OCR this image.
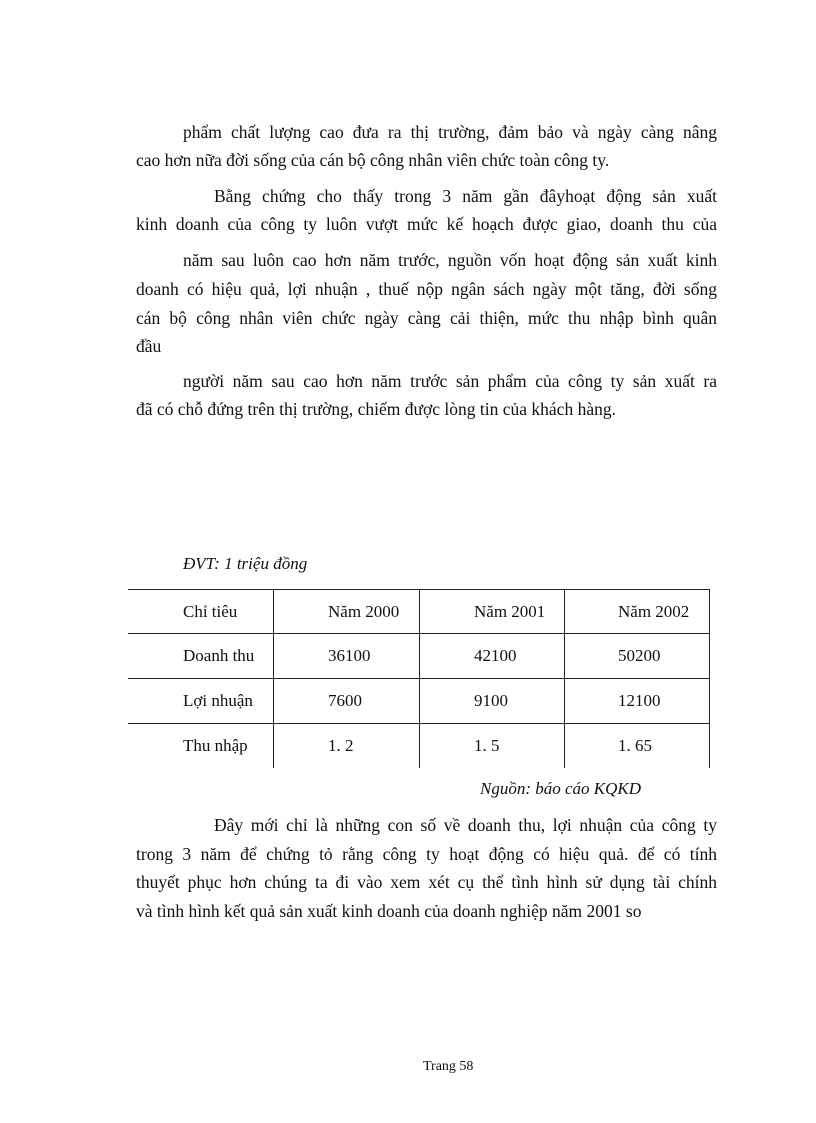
phẩm chất lượng cao đưa ra thị trường, đảm bảo và ngày càng nâng

cao hơn nữa đời sống của cán bộ công nhân viên chức toàn công ty.

Bằng chứng cho thấy trong 3 năm gần đâyhoạt động sản xuất

kinh doanh của công ty luôn vượt mức kế hoạch được giao, doanh thu của

năm sau luôn cao hơn năm trước, nguồn vốn hoạt động sản xuất kinh

doanh có hiệu quả, lợi nhuận , thuế nộp ngân sách ngày một tăng, đời sống

cán bộ công nhân viên chức ngày càng cải thiện, mức thu nhập bình quân

đầu

người năm sau cao hơn năm trước sản phẩm của công ty sản xuất ra

đã có chỗ đứng trên thị trường, chiếm được lòng tin của khách hàng.

ĐVT: 1 triệu đồng

Chỉ tiêu	Năm 2000	Năm 2001	Năm 2002

Doanh thu	36100	42100	50200

Lợi nhuận	7600	9100	12100

Thu nhập	1. 2	1. 5	1. 65

Nguồn: báo cáo KQKD

Đây mới chỉ là những con số về doanh thu, lợi nhuận của công ty

trong 3 năm để chứng tỏ rằng công ty hoạt động có hiệu quả. để có tính

thuyết phục hơn chúng ta đi vào xem xét cụ thể tình hình sử dụng tài chính

và tình hình kết quả sản xuất kinh doanh của doanh nghiệp năm 2001 so

Trang 58
